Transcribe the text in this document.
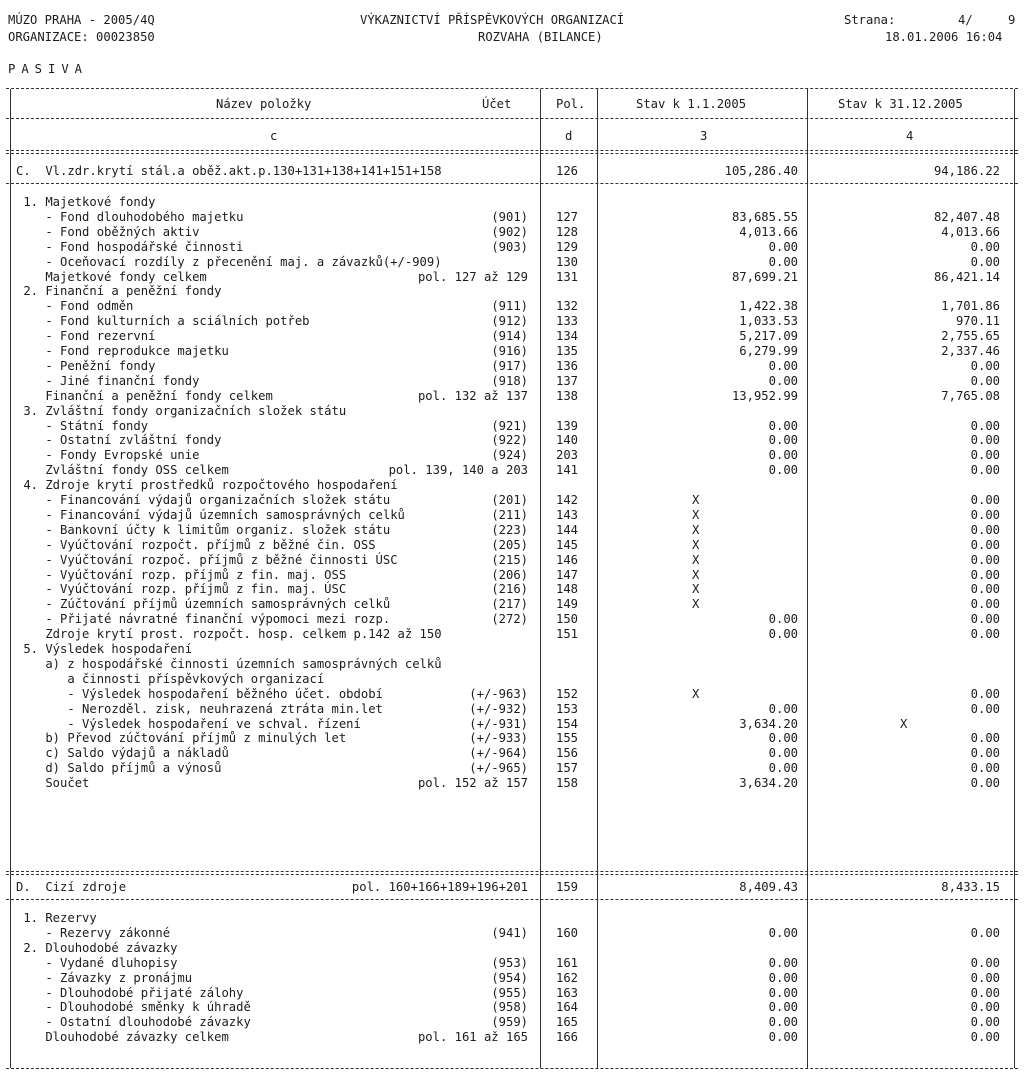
MÚZO PRAHA - 2005/4Q
ORGANIZACE: 00023850
VÝKAZNICTVÍ PŘÍSPĚVKOVÝCH ORGANIZACÍ
ROZVAHA (BILANCE)
Strana:	4/	9
18.01.2006 16:04
PASIVA
Název položky	Účet	Pol.	Stav k 1.1.2005	Stav k 31.12.2005
c	d	3	4
C.  Vl.zdr.krytí stál.a oběž.akt.p.130+131+138+141+151+158	126	105,286.40	94,186.22
1. Majetkové fondy
- Fond dlouhodobého majetku	(901) 127	83,685.55	82,407.48
- Fond oběžných aktiv	(902) 128	4,013.66	4,013.66
- Fond hospodářské činnosti	(903) 129	0.00	0.00
- Oceňovací rozdíly z přecenění maj. a závazků(+/-909)	130	0.00	0.00
Majetkové fondy celkem	pol. 127 až 129 131	87,699.21	86,421.14
2. Finanční a peněžní fondy
- Fond odměn	(911) 132	1,422.38	1,701.86
- Fond kulturních a sciálních potřeb	(912) 133	1,033.53	970.11
- Fond rezervní	(914) 134	5,217.09	2,755.65
- Fond reprodukce majetku	(916) 135	6,279.99	2,337.46
- Peněžní fondy	(917) 136	0.00	0.00
- Jiné finanční fondy	(918) 137	0.00	0.00
Finanční a peněžní fondy celkem	pol. 132 až 137 138	13,952.99	7,765.08
3. Zvláštní fondy organizačních složek státu
- Státní fondy	(921) 139	0.00	0.00
- Ostatní zvláštní fondy	(922) 140	0.00	0.00
- Fondy Evropské unie	(924) 203	0.00	0.00
Zvláštní fondy OSS celkem	pol. 139, 140 a 203 141	0.00	0.00
4. Zdroje krytí prostředků rozpočtového hospodaření
- Financování výdajů organizačních složek státu	(201) 142	X	0.00
- Financování výdajů územních samosprávných celků	(211) 143	X	0.00
- Bankovní účty k limitům organiz. složek státu	(223) 144	X	0.00
- Vyúčtování rozpočt. příjmů z běžné čin. OSS	(205) 145	X	0.00
- Vyúčtování rozpoč. příjmů z běžné činnosti ÚSC	(215) 146	X	0.00
- Vyúčtování rozp. příjmů z fin. maj. OSS	(206) 147	X	0.00
- Vyúčtování rozp. příjmů z fin. maj. ÚSC	(216) 148	X	0.00
- Zúčtování příjmů územních samosprávných celků	(217) 149	X	0.00
- Přijaté návratné finanční výpomoci mezi rozp.	(272) 150	0.00	0.00
Zdroje krytí prost. rozpočt. hosp. celkem p.142 až 150	151	0.00	0.00
5. Výsledek hospodaření
a) z hospodářské činnosti územních samosprávných celků
a činnosti příspěvkových organizací
- Výsledek hospodaření běžného účet. období	(+/-963) 152	X	0.00
- Nerozděl. zisk, neuhrazená ztráta min.let	(+/-932) 153	0.00	0.00
- Výsledek hospodaření ve schval. řízení	(+/-931) 154	3,634.20	X
b) Převod zúčtování příjmů z minulých let	(+/-933) 155	0.00	0.00
c) Saldo výdajů a nákladů	(+/-964) 156	0.00	0.00
d) Saldo příjmů a výnosů	(+/-965) 157	0.00	0.00
Součet	pol. 152 až 157 158	3,634.20	0.00
D.  Cizí zdroje	pol. 160+166+189+196+201 159	8,409.43	8,433.15
1. Rezervy
- Rezervy zákonné	(941) 160	0.00	0.00
2. Dlouhodobé závazky
- Vydané dluhopisy	(953) 161	0.00	0.00
- Závazky z pronájmu	(954) 162	0.00	0.00
- Dlouhodobé přijaté zálohy	(955) 163	0.00	0.00
- Dlouhodobé směnky k úhradě	(958) 164	0.00	0.00
- Ostatní dlouhodobé závazky	(959) 165	0.00	0.00
Dlouhodobé závazky celkem	pol. 161 až 165 166	0.00	0.00
